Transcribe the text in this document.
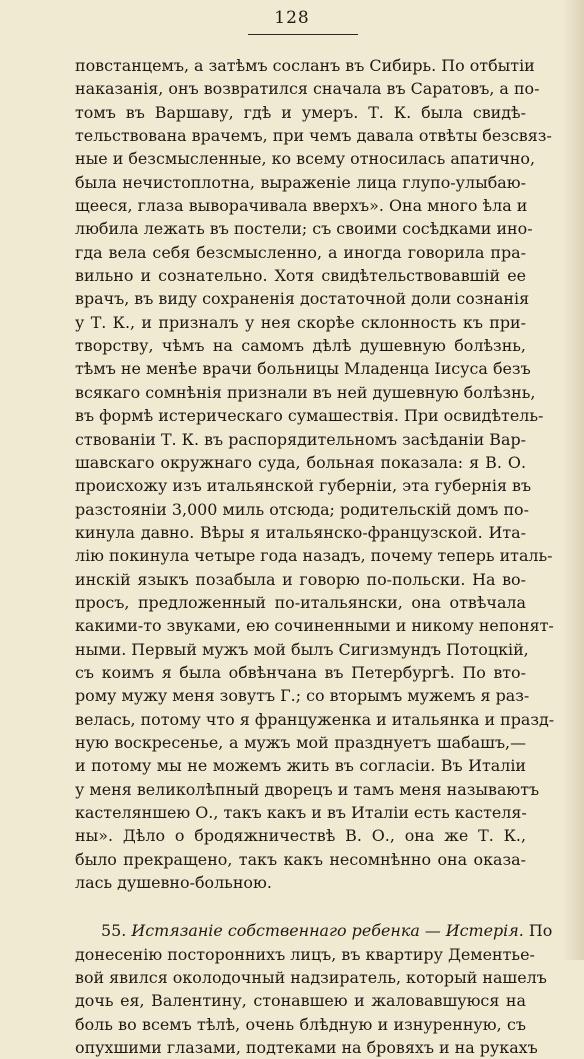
128
повстанцемъ, а затѣмъ сосланъ въ Сибирь. По отбытіи
наказанія, онъ возвратился сначала въ Саратовъ, а по-
томъ въ Варшаву, гдѣ и умеръ. Т. К. была свидѣ-
тельствована врачемъ, при чемъ давала отвѣты безсвяз-
ные и безсмысленные, ко всему относилась апатично,
была нечистоплотна, выраженіе лица глупо-улыбаю-
щееся, глаза выворачивала вверхъ». Она много ѣла и
любила лежать въ постели; съ своими сосѣдками ино-
гда вела себя безсмысленно, а иногда говорила пра-
вильно и сознательно. Хотя свидѣтельствовавшій ее
врачъ, въ виду сохраненія достаточной доли сознанія
у Т. К., и призналъ у нея скорѣе склонность къ при-
творству, чѣмъ на самомъ дѣлѣ душевную болѣзнь,
тѣмъ не менѣе врачи больницы Младенца Іисуса безъ
всякаго сомнѣнія признали въ ней душевную болѣзнь,
въ формѣ истерическаго сумашествія. При освидѣтель-
ствованіи Т. К. въ распорядительномъ засѣданіи Вар-
шавскаго окружнаго суда, больная показала: я В. О.
происхожу изъ итальянской губерніи, эта губернія въ
разстояніи 3,000 миль отсюда; родительскій домъ по-
кинула давно. Вѣры я итальянско-французской. Ита-
лію покинула четыре года назадъ, почему теперь италь-
инскій языкъ позабыла и говорю по-польски. На во-
просъ, предложенный по-итальянски, она отвѣчала
какими-то звуками, ею сочиненными и никому непонят-
ными. Первый мужъ мой былъ Сигизмундъ Потоцкій,
съ коимъ я была обвѣнчана въ Петербургѣ. По вто-
рому мужу меня зовутъ Г.; со вторымъ мужемъ я раз-
велась, потому что я француженка и итальянка и празд-
ную воскресенье, а мужъ мой празднуетъ шабашъ,—
и потому мы не можемъ жить въ согласіи. Въ Италіи
у меня великолѣпный дворецъ и тамъ меня называютъ
кастеляншею О., такъ какъ и въ Италіи есть кастеля-
ны». Дѣло о бродяжничествѣ В. О., она же Т. К.,
было прекращено, такъ какъ несомнѣнно она оказа-
лась душевно-больною.
55. Истязаніе собственнаго ребенка — Истерія. По
донесенію постороннихъ лицъ, въ квартиру Дементье-
вой явился околодочный надзиратель, который нашелъ
дочь ея, Валентину, стонавшею и жаловавшуюся на
боль во всемъ тѣлѣ, очень блѣдную и изнуренную, съ
опухшими глазами, подтеками на бровяхъ и на рукахъ
